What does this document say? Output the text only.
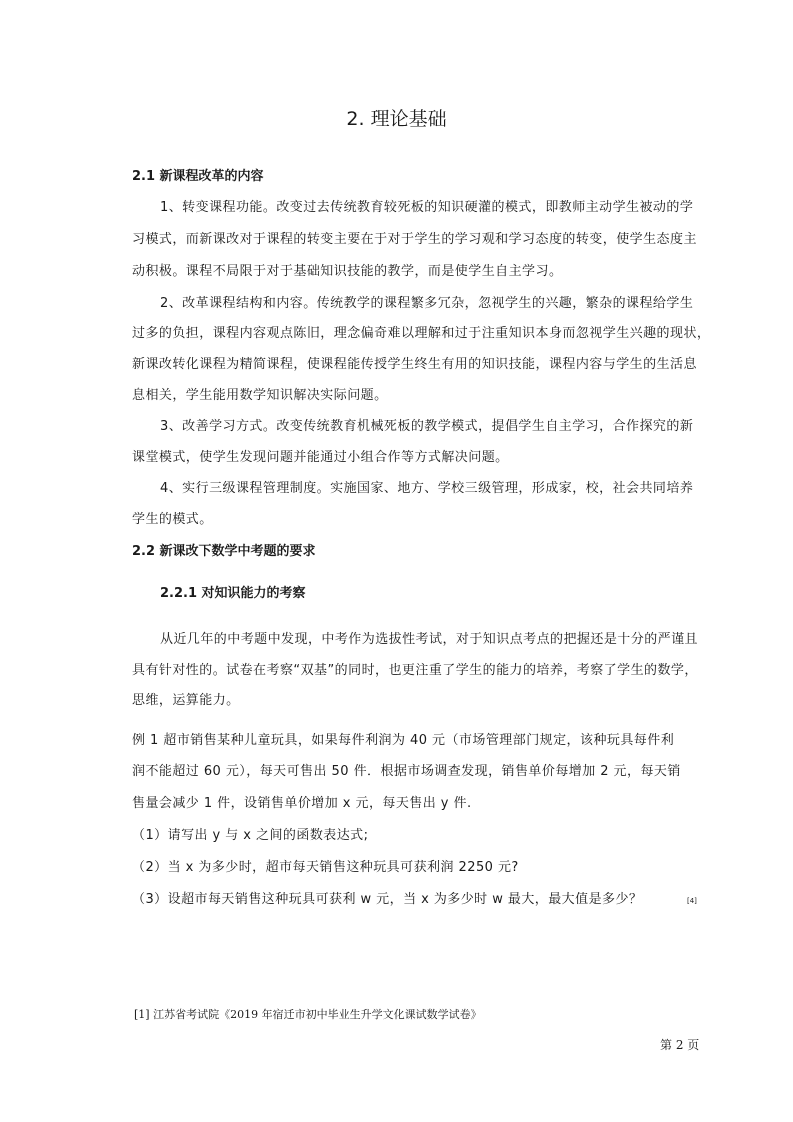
2. 理论基础
2.1 新课程改革的内容
1、转变课程功能。改变过去传统教育较死板的知识硬灌的模式，即教师主动学生被动的学
习模式，而新课改对于课程的转变主要在于对于学生的学习观和学习态度的转变，使学生态度主
动积极。课程不局限于对于基础知识技能的教学，而是使学生自主学习。
2、改革课程结构和内容。传统教学的课程繁多冗杂，忽视学生的兴趣，繁杂的课程给学生
过多的负担，课程内容观点陈旧，理念偏奇难以理解和过于注重知识本身而忽视学生兴趣的现状，
新课改转化课程为精简课程，使课程能传授学生终生有用的知识技能，课程内容与学生的生活息
息相关，学生能用数学知识解决实际问题。
3、改善学习方式。改变传统教育机械死板的教学模式，提倡学生自主学习，合作探究的新
课堂模式，使学生发现问题并能通过小组合作等方式解决问题。
4、实行三级课程管理制度。实施国家、地方、学校三级管理，形成家，校，社会共同培养
学生的模式。
2.2 新课改下数学中考题的要求
2.2.1 对知识能力的考察
从近几年的中考题中发现，中考作为选拔性考试，对于知识点考点的把握还是十分的严谨且
具有针对性的。试卷在考察“双基”的同时，也更注重了学生的能力的培养，考察了学生的数学，
思维，运算能力。
例 1 超市销售某种儿童玩具，如果每件利润为 40 元（市场管理部门规定，该种玩具每件利
润不能超过 60 元），每天可售出 50 件．根据市场调查发现，销售单价每增加 2 元，每天销
售量会减少 1 件，设销售单价增加 x 元，每天售出 y 件.
（1）请写出 y 与 x 之间的函数表达式;
（2）当 x 为多少时，超市每天销售这种玩具可获利润 2250 元?
（3）设超市每天销售这种玩具可获利 w 元，当 x 为多少时 w 最大，最大值是多少？	[4]
[1] 江苏省考试院《2019 年宿迁市初中毕业生升学文化课试数学试卷》
第 2 页
